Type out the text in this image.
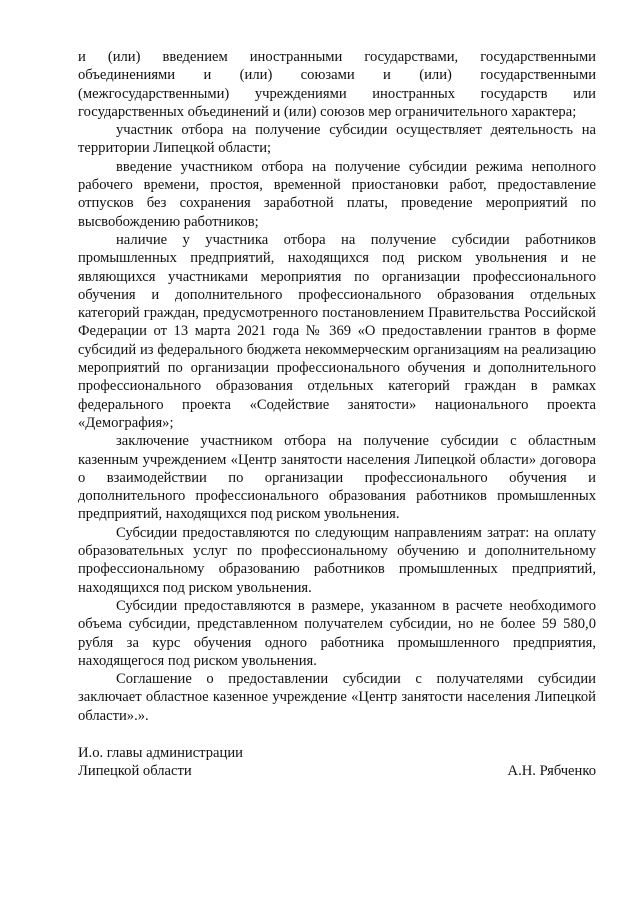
и (или) введением иностранными государствами, государственными объединениями и (или) союзами и (или) государственными (межгосударственными) учреждениями иностранных государств или государственных объединений и (или) союзов мер ограничительного характера;

участник отбора на получение субсидии осуществляет деятельность на территории Липецкой области;

введение участником отбора на получение субсидии режима неполного рабочего времени, простоя, временной приостановки работ, предоставление отпусков без сохранения заработной платы, проведение мероприятий по высвобождению работников;

наличие у участника отбора на получение субсидии работников промышленных предприятий, находящихся под риском увольнения и не являющихся участниками мероприятия по организации профессионального обучения и дополнительного профессионального образования отдельных категорий граждан, предусмотренного постановлением Правительства Российской Федерации от 13 марта 2021 года № 369 «О предоставлении грантов в форме субсидий из федерального бюджета некоммерческим организациям на реализацию мероприятий по организации профессионального обучения и дополнительного профессионального образования отдельных категорий граждан в рамках федерального проекта «Содействие занятости» национального проекта «Демография»;

заключение участником отбора на получение субсидии с областным казенным учреждением «Центр занятости населения Липецкой области» договора о взаимодействии по организации профессионального обучения и дополнительного профессионального образования работников промышленных предприятий, находящихся под риском увольнения.

Субсидии предоставляются по следующим направлениям затрат: на оплату образовательных услуг по профессиональному обучению и дополнительному профессиональному образованию работников промышленных предприятий, находящихся под риском увольнения.

Субсидии предоставляются в размере, указанном в расчете необходимого объема субсидии, представленном получателем субсидии, но не более 59 580,0 рубля за курс обучения одного работника промышленного предприятия, находящегося под риском увольнения.

Соглашение о предоставлении субсидии с получателями субсидии заключает областное казенное учреждение «Центр занятости населения Липецкой области».».

И.о. главы администрации
Липецкой области	А.Н. Рябченко
